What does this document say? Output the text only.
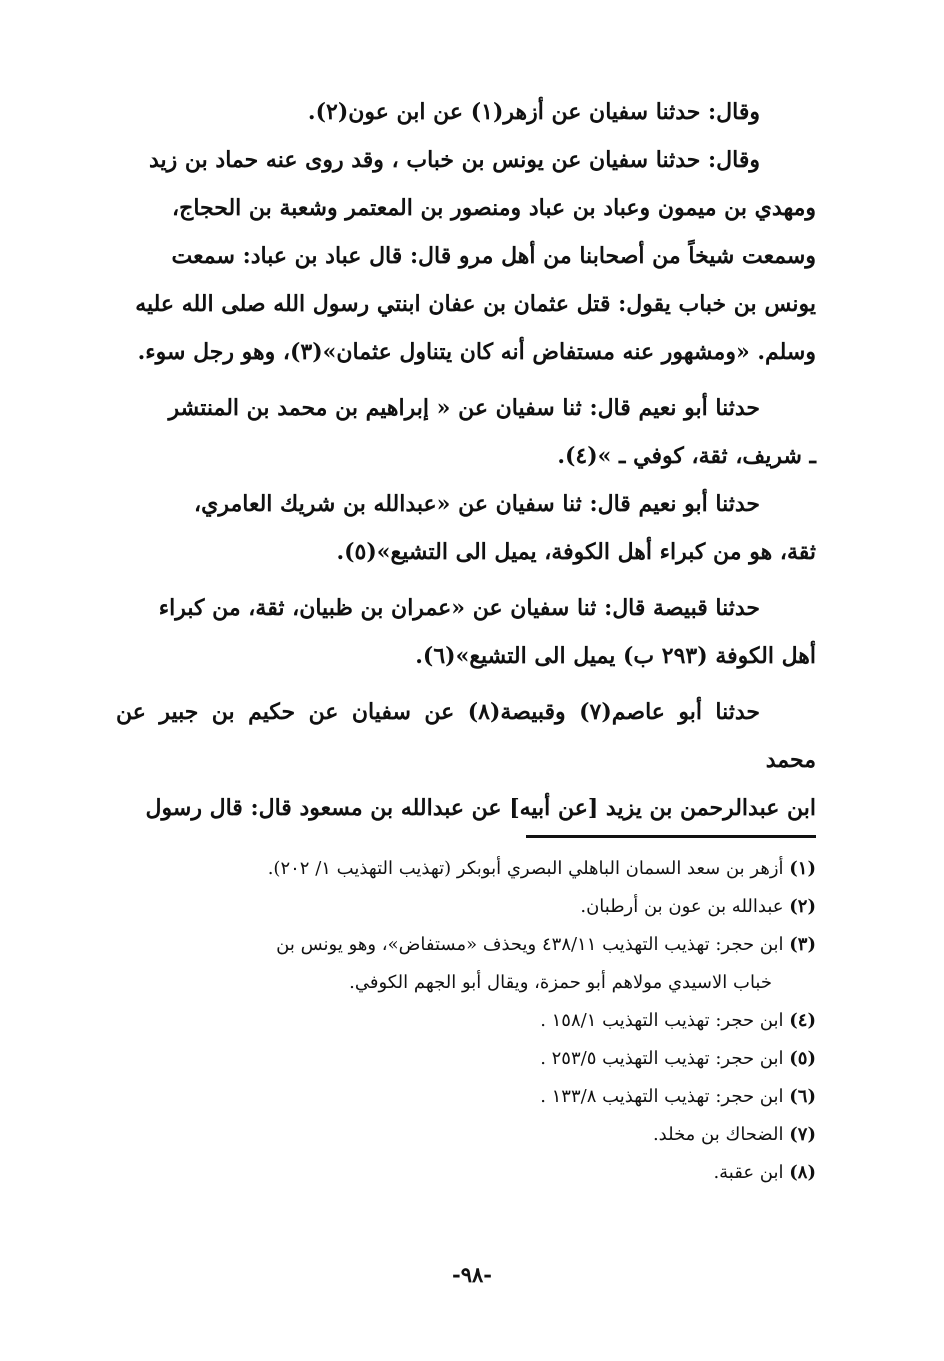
وقال: حدثنا سفيان عن أزهر(١) عن ابن عون(٢).

وقال: حدثنا سفيان عن يونس بن خباب ، وقد روى عنه حماد بن زيد
ومهدي بن ميمون وعباد بن عباد ومنصور بن المعتمر وشعبة بن الحجاج،
وسمعت شيخاً من أصحابنا من أهل مرو قال: قال عباد بن عباد: سمعت
يونس بن خباب يقول: قتل عثمان بن عفان ابنتي رسول الله صلى الله عليه
وسلم. «ومشهور عنه مستفاض أنه كان يتناول عثمان»(٣)، وهو رجل سوء.

حدثنا أبو نعيم قال: ثنا سفيان عن « إبراهيم بن محمد بن المنتشر
ـ شريف، ثقة، كوفي ـ »(٤).

حدثنا أبو نعيم قال: ثنا سفيان عن «عبدالله بن شريك العامري،
ثقة، هو من كبراء أهل الكوفة، يميل الى التشيع»(٥).

حدثنا قبيصة قال: ثنا سفيان عن «عمران بن ظبيان، ثقة، من كبراء
أهل الكوفة (٢٩٣ ب) يميل الى التشيع»(٦).

حدثنا أبو عاصم(٧) وقبيصة(٨) عن سفيان عن حكيم بن جبير عن محمد
ابن عبدالرحمن بن يزيد [عن أبيه] عن عبدالله بن مسعود قال: قال رسول

(١) أزهر بن سعد السمان الباهلي البصري أبوبكر (تهذيب التهذيب ١/ ٢٠٢).

(٢) عبدالله بن عون بن أرطبان.

(٣) ابن حجر: تهذيب التهذيب ٤٣٨/١١ ويحذف «مستفاض»، وهو يونس بن

خباب الاسيدي مولاهم أبو حمزة، ويقال أبو الجهم الكوفي.

(٤) ابن حجر: تهذيب التهذيب ١٥٨/١ .

(٥) ابن حجر: تهذيب التهذيب ٢٥٣/٥ .

(٦) ابن حجر: تهذيب التهذيب ١٣٣/٨ .

(٧) الضحاك بن مخلد.

(٨) ابن عقبة.

-٩٨-
